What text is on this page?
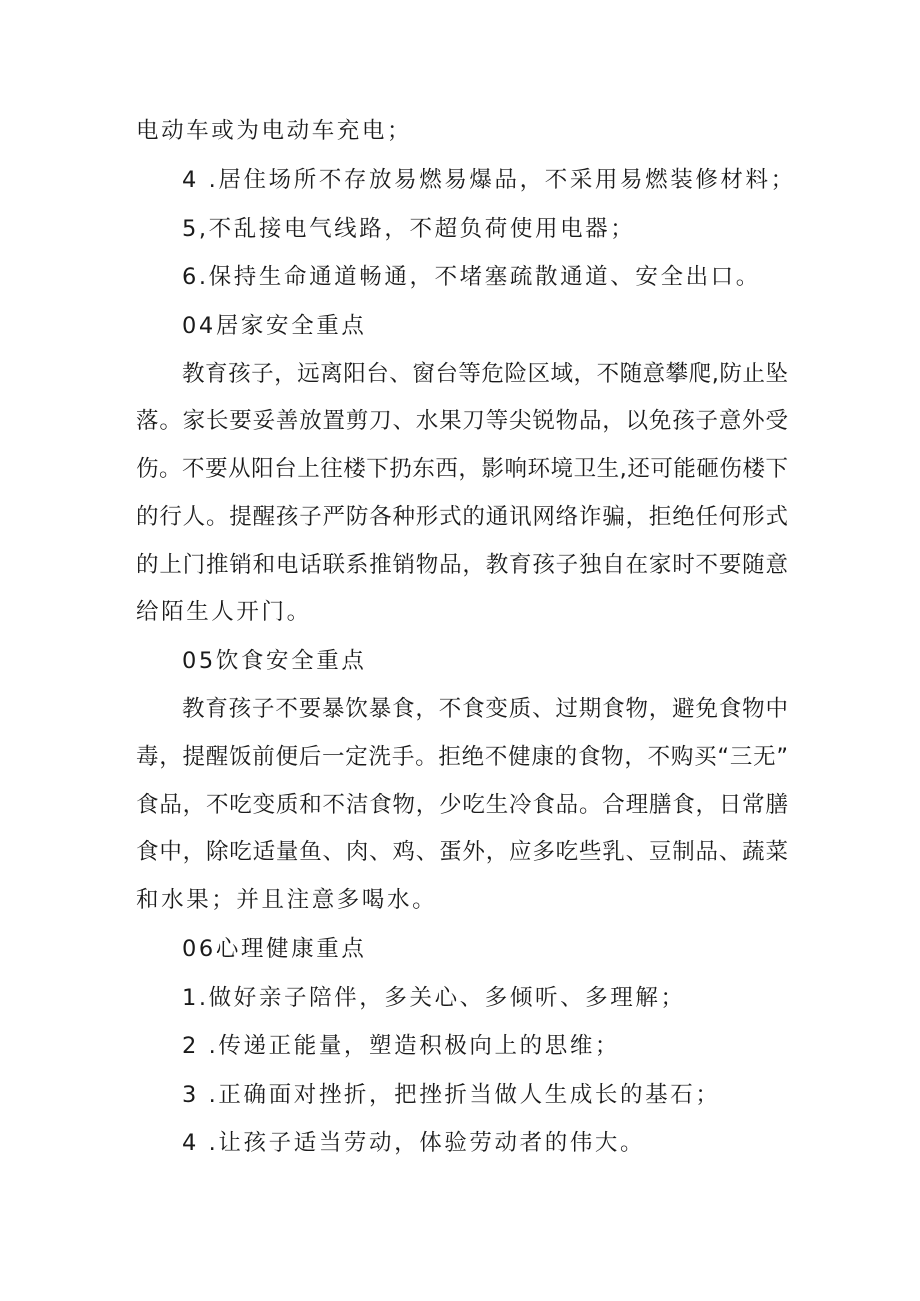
电动车或为电动车充电；
4 .居住场所不存放易燃易爆品，不采用易燃装修材料；
5,不乱接电气线路，不超负荷使用电器；
6.保持生命通道畅通，不堵塞疏散通道、安全出口。
04居家安全重点
教育孩子，远离阳台、窗台等危险区域，不随意攀爬,防止坠
落。家长要妥善放置剪刀、水果刀等尖锐物品，以免孩子意外受
伤。不要从阳台上往楼下扔东西，影响环境卫生,还可能砸伤楼下
的行人。提醒孩子严防各种形式的通讯网络诈骗，拒绝任何形式
的上门推销和电话联系推销物品，教育孩子独自在家时不要随意
给陌生人开门。
05饮食安全重点
教育孩子不要暴饮暴食，不食变质、过期食物，避免食物中
毒，提醒饭前便后一定洗手。拒绝不健康的食物，不购买“三无”
食品，不吃变质和不洁食物，少吃生冷食品。合理膳食，日常膳
食中，除吃适量鱼、肉、鸡、蛋外，应多吃些乳、豆制品、蔬菜
和水果；并且注意多喝水。
06心理健康重点
1.做好亲子陪伴，多关心、多倾听、多理解；
2 .传递正能量，塑造积极向上的思维；
3 .正确面对挫折，把挫折当做人生成长的基石；
4 .让孩子适当劳动，体验劳动者的伟大。
